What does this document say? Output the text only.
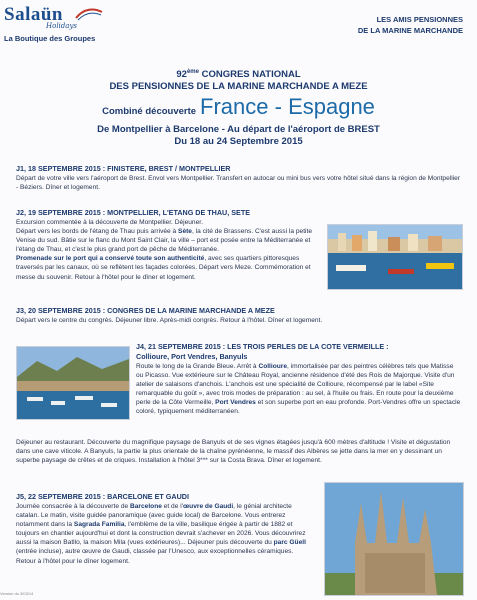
Salaün
Holidays
La Boutique des Groupes
LES AMIS PENSIONNES
DE LA MARINE MARCHANDE
92ème CONGRES NATIONAL
DES PENSIONNES DE LA MARINE MARCHANDE A MEZE
Combiné découverte France - Espagne
De Montpellier à Barcelone - Au départ de l'aéroport de BREST
Du 18 au 24 Septembre 2015
J1, 18 SEPTEMBRE 2015 : FINISTERE, BREST / MONTPELLIER

Départ de votre ville vers l'aéroport de Brest. Envol vers Montpellier. Transfert en autocar ou mini bus vers votre hôtel situé dans la région de Montpellier - Béziers. Dîner et logement.

J2, 19 SEPTEMBRE 2015 : MONTPELLIER, L'ETANG DE THAU, SETE

Excursion commentée à la découverte de Montpellier. Déjeuner.
Départ vers les bords de l'étang de Thau puis arrivée à Sète, la cité de Brassens. C'est aussi la petite Venise du sud. Bâtie sur le flanc du Mont Saint Clair, la ville – port est posée entre la Méditerranée et l'étang de Thau, et c'est le plus grand port de pêche de Méditerranée.
Promenade sur le port qui a conservé toute son authenticité, avec ses quartiers pittoresques traversés par les canaux, où se reflètent les façades colorées. Départ vers Meze. Commémoration et messe du souvenir. Retour à l'hôtel pour le dîner et logement.

J3, 20 SEPTEMBRE 2015 : CONGRES DE LA MARINE MARCHANDE A MEZE

Départ vers le centre du congrès. Déjeuner libre. Après-midi congrès. Retour à l'hôtel. Dîner et logement.

J4, 21 SEPTEMBRE 2015 : LES TROIS PERLES DE LA COTE VERMEILLE :
Collioure, Port Vendres, Banyuls

Route le long de la Grande Bleue. Arrêt à Collioure, immortalisée par des peintres célèbres tels que Matisse ou Picasso. Vue extérieure sur le Château Royal, ancienne résidence d'été des Rois de Majorque. Visite d'un atelier de salaisons d'anchois. L'anchois est une spécialité de Collioure, récompensé par le label «Site remarquable du goût », avec trois modes de préparation : au sel, à l'huile ou frais. En route pour la deuxième perle de la Côte Vermeille, Port Vendres et son superbe port en eau profonde. Port-Vendres offre un spectacle coloré, typiquement méditerranéen.

Déjeuner au restaurant. Découverte du magnifique paysage de Banyuls et de ses vignes étagées jusqu'à 600 mètres d'altitude ! Visite et dégustation dans une cave viticole. A Banyuls, la partie la plus orientale de la chaîne pyrénéenne, le massif des Albères se jette dans la mer en y dessinant un superbe paysage de crêtes et de criques. Installation à l'hôtel 3*** sur la Costa Brava. Dîner et logement.

J5, 22 SEPTEMBRE 2015 : BARCELONE ET GAUDI

Journée consacrée à la découverte de Barcelone et de l'œuvre de Gaudi, le génial architecte catalan. Le matin, visite guidée panoramique (avec guide local) de Barcelone. Vous entrerez notamment dans la Sagrada Familia, l'emblème de la ville, basilique érigée à partir de 1882 et toujours en chantier aujourd'hui et dont la construction devrait s'achever en 2026. Vous découvrirez aussi la maison Batllo, la maison Mila (vues extérieures)... Déjeuner puis découverte du parc Güell (entrée incluse), autre œuvre de Gaudi, classée par l'Unesco, aux exceptionnelles céramiques.
Retour à l'hôtel pour le dîner logement.

Version du 3/03/14
